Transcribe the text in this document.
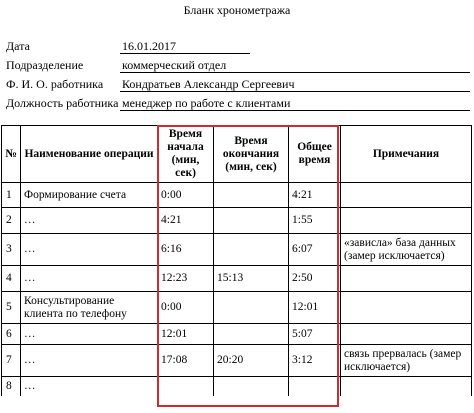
Бланк хронометража
Дата	16.01.2017
Подразделение	коммерческий отдел
Ф. И. О. работника Кондратьев Александр Сергеевич
Должность работника менеджер по работе с клиентами
№	Наименование операции	Время начала (мин, сек)	Время окончания (мин, сек)	Общее время	Примечания
1	Формирование счета	0:00		4:21	
2	…	4:21		1:55	
3	…	6:16		6:07	«зависла» база данных (замер исключается)
4	…	12:23	15:13	2:50	
5	Консультирование клиента по телефону	0:00		12:01	
6	…	12:01		5:07	
7	…	17:08	20:20	3:12	связь прервалась (замер исключается)
8	…				
